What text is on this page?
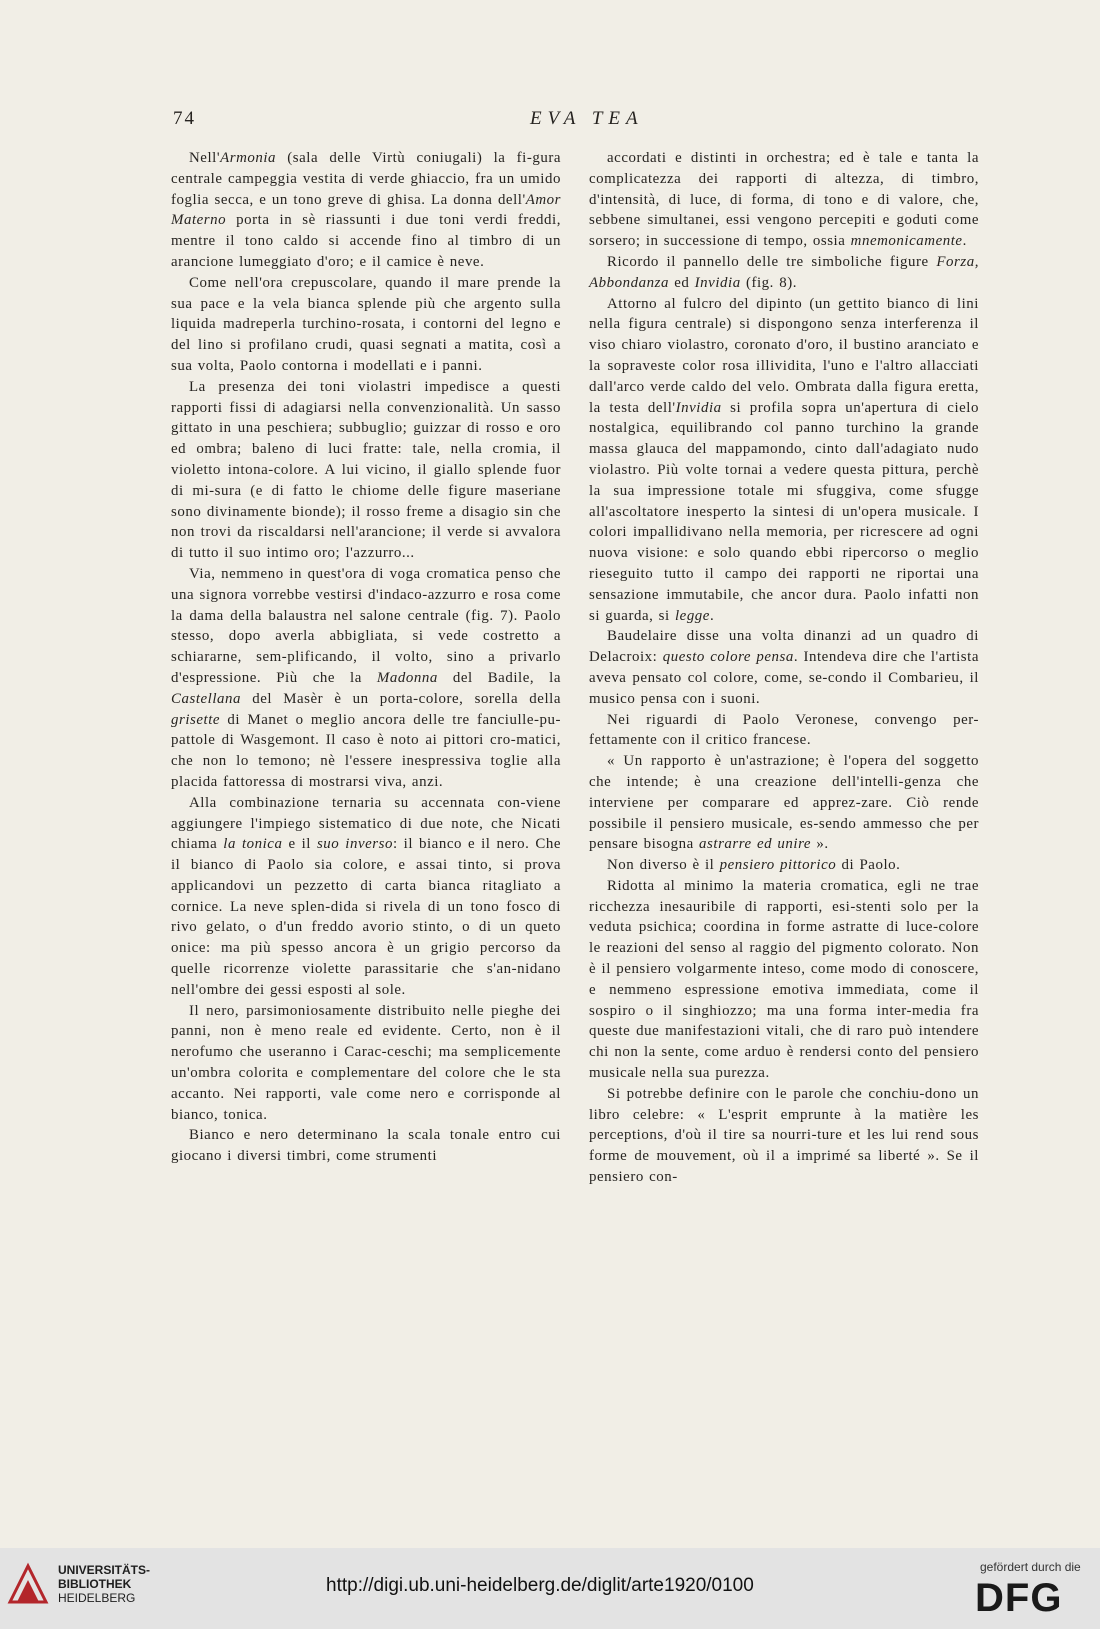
74	EVA TEA

Nell'Armonia (sala delle Virtù coniugali) la fi-gura centrale campeggia vestita di verde ghiaccio, fra un umido foglia secca, e un tono greve di ghisa. La donna dell'Amor Materno porta in sè riassunti i due toni verdi freddi, mentre il tono caldo si accende fino al timbro di un arancione lumeggiato d'oro; e il camice è neve.

Come nell'ora crepuscolare, quando il mare prende la sua pace e la vela bianca splende più che argento sulla liquida madreperla turchino-rosata, i contorni del legno e del lino si profilano crudi, quasi segnati a matita, così a sua volta, Paolo contorna i modellati e i panni.

La presenza dei toni violastri impedisce a questi rapporti fissi di adagiarsi nella convenzionalità. Un sasso gittato in una peschiera; subbuglio; guizzar di rosso e oro ed ombra; baleno di luci fratte: tale, nella cromia, il violetto intona-colore. A lui vicino, il giallo splende fuor di mi-sura (e di fatto le chiome delle figure maseriane sono divinamente bionde); il rosso freme a disagio sin che non trovi da riscaldarsi nell'arancione; il verde si avvalora di tutto il suo intimo oro; l'azzurro...

Via, nemmeno in quest'ora di voga cromatica penso che una signora vorrebbe vestirsi d'indaco-azzurro e rosa come la dama della balaustra nel salone centrale (fig. 7). Paolo stesso, dopo averla abbigliata, si vede costretto a schiararne, sem-plificando, il volto, sino a privarlo d'espressione. Più che la Madonna del Badile, la Castellana del Masèr è un porta-colore, sorella della grisette di Manet o meglio ancora delle tre fanciulle-pu-pattole di Wasgemont. Il caso è noto ai pittori cro-matici, che non lo temono; nè l'essere inespressiva toglie alla placida fattoressa di mostrarsi viva, anzi.

Alla combinazione ternaria su accennata con-viene aggiungere l'impiego sistematico di due note, che Nicati chiama la tonica e il suo inverso: il bianco e il nero. Che il bianco di Paolo sia colore, e assai tinto, si prova applicandovi un pezzetto di carta bianca ritagliato a cornice. La neve splen-dida si rivela di un tono fosco di rivo gelato, o d'un freddo avorio stinto, o di un queto onice: ma più spesso ancora è un grigio percorso da quelle ricorrenze violette parassitarie che s'an-nidano nell'ombre dei gessi esposti al sole.

Il nero, parsimoniosamente distribuito nelle pieghe dei panni, non è meno reale ed evidente. Certo, non è il nerofumo che useranno i Carac-ceschi; ma semplicemente un'ombra colorita e complementare del colore che le sta accanto. Nei rapporti, vale come nero e corrisponde al bianco, tonica.

Bianco e nero determinano la scala tonale entro cui giocano i diversi timbri, come strumenti

accordati e distinti in orchestra; ed è tale e tanta la complicatezza dei rapporti di altezza, di timbro, d'intensità, di luce, di forma, di tono e di valore, che, sebbene simultanei, essi vengono percepiti e goduti come sorsero; in successione di tempo, ossia mnemonicamente.

Ricordo il pannello delle tre simboliche figure Forza, Abbondanza ed Invidia (fig. 8).

Attorno al fulcro del dipinto (un gettito bianco di lini nella figura centrale) si dispongono senza interferenza il viso chiaro violastro, coronato d'oro, il bustino aranciato e la sopraveste color rosa illividita, l'uno e l'altro allacciati dall'arco verde caldo del velo. Ombrata dalla figura eretta, la testa dell'Invidia si profila sopra un'apertura di cielo nostalgica, equilibrando col panno turchino la grande massa glauca del mappamondo, cinto dall'adagiato nudo violastro. Più volte tornai a vedere questa pittura, perchè la sua impressione totale mi sfuggiva, come sfugge all'ascoltatore inesperto la sintesi di un'opera musicale. I colori impallidivano nella memoria, per ricrescere ad ogni nuova visione: e solo quando ebbi ripercorso o meglio rieseguito tutto il campo dei rapporti ne riportai una sensazione immutabile, che ancor dura. Paolo infatti non si guarda, si legge.

Baudelaire disse una volta dinanzi ad un quadro di Delacroix: questo colore pensa. Intendeva dire che l'artista aveva pensato col colore, come, se-condo il Combarieu, il musico pensa con i suoni.

Nei riguardi di Paolo Veronese, convengo per-fettamente con il critico francese.

« Un rapporto è un'astrazione; è l'opera del soggetto che intende; è una creazione dell'intelli-genza che interviene per comparare ed apprez-zare. Ciò rende possibile il pensiero musicale, es-sendo ammesso che per pensare bisogna astrarre ed unire ».

Non diverso è il pensiero pittorico di Paolo.

Ridotta al minimo la materia cromatica, egli ne trae ricchezza inesauribile di rapporti, esi-stenti solo per la veduta psichica; coordina in forme astratte di luce-colore le reazioni del senso al raggio del pigmento colorato. Non è il pensiero volgarmente inteso, come modo di conoscere, e nemmeno espressione emotiva immediata, come il sospiro o il singhiozzo; ma una forma inter-media fra queste due manifestazioni vitali, che di raro può intendere chi non la sente, come arduo è rendersi conto del pensiero musicale nella sua purezza.

Si potrebbe definire con le parole che conchiu-dono un libro celebre: « L'esprit emprunte à la matière les perceptions, d'où il tire sa nourri-ture et les lui rend sous forme de mouvement, où il a imprimé sa liberté ». Se il pensiero con-

UNIVERSITÄTS-
BIBLIOTHEK
HEIDELBERG
http://digi.ub.uni-heidelberg.de/diglit/arte1920/0100
gefördert durch die
DFG
